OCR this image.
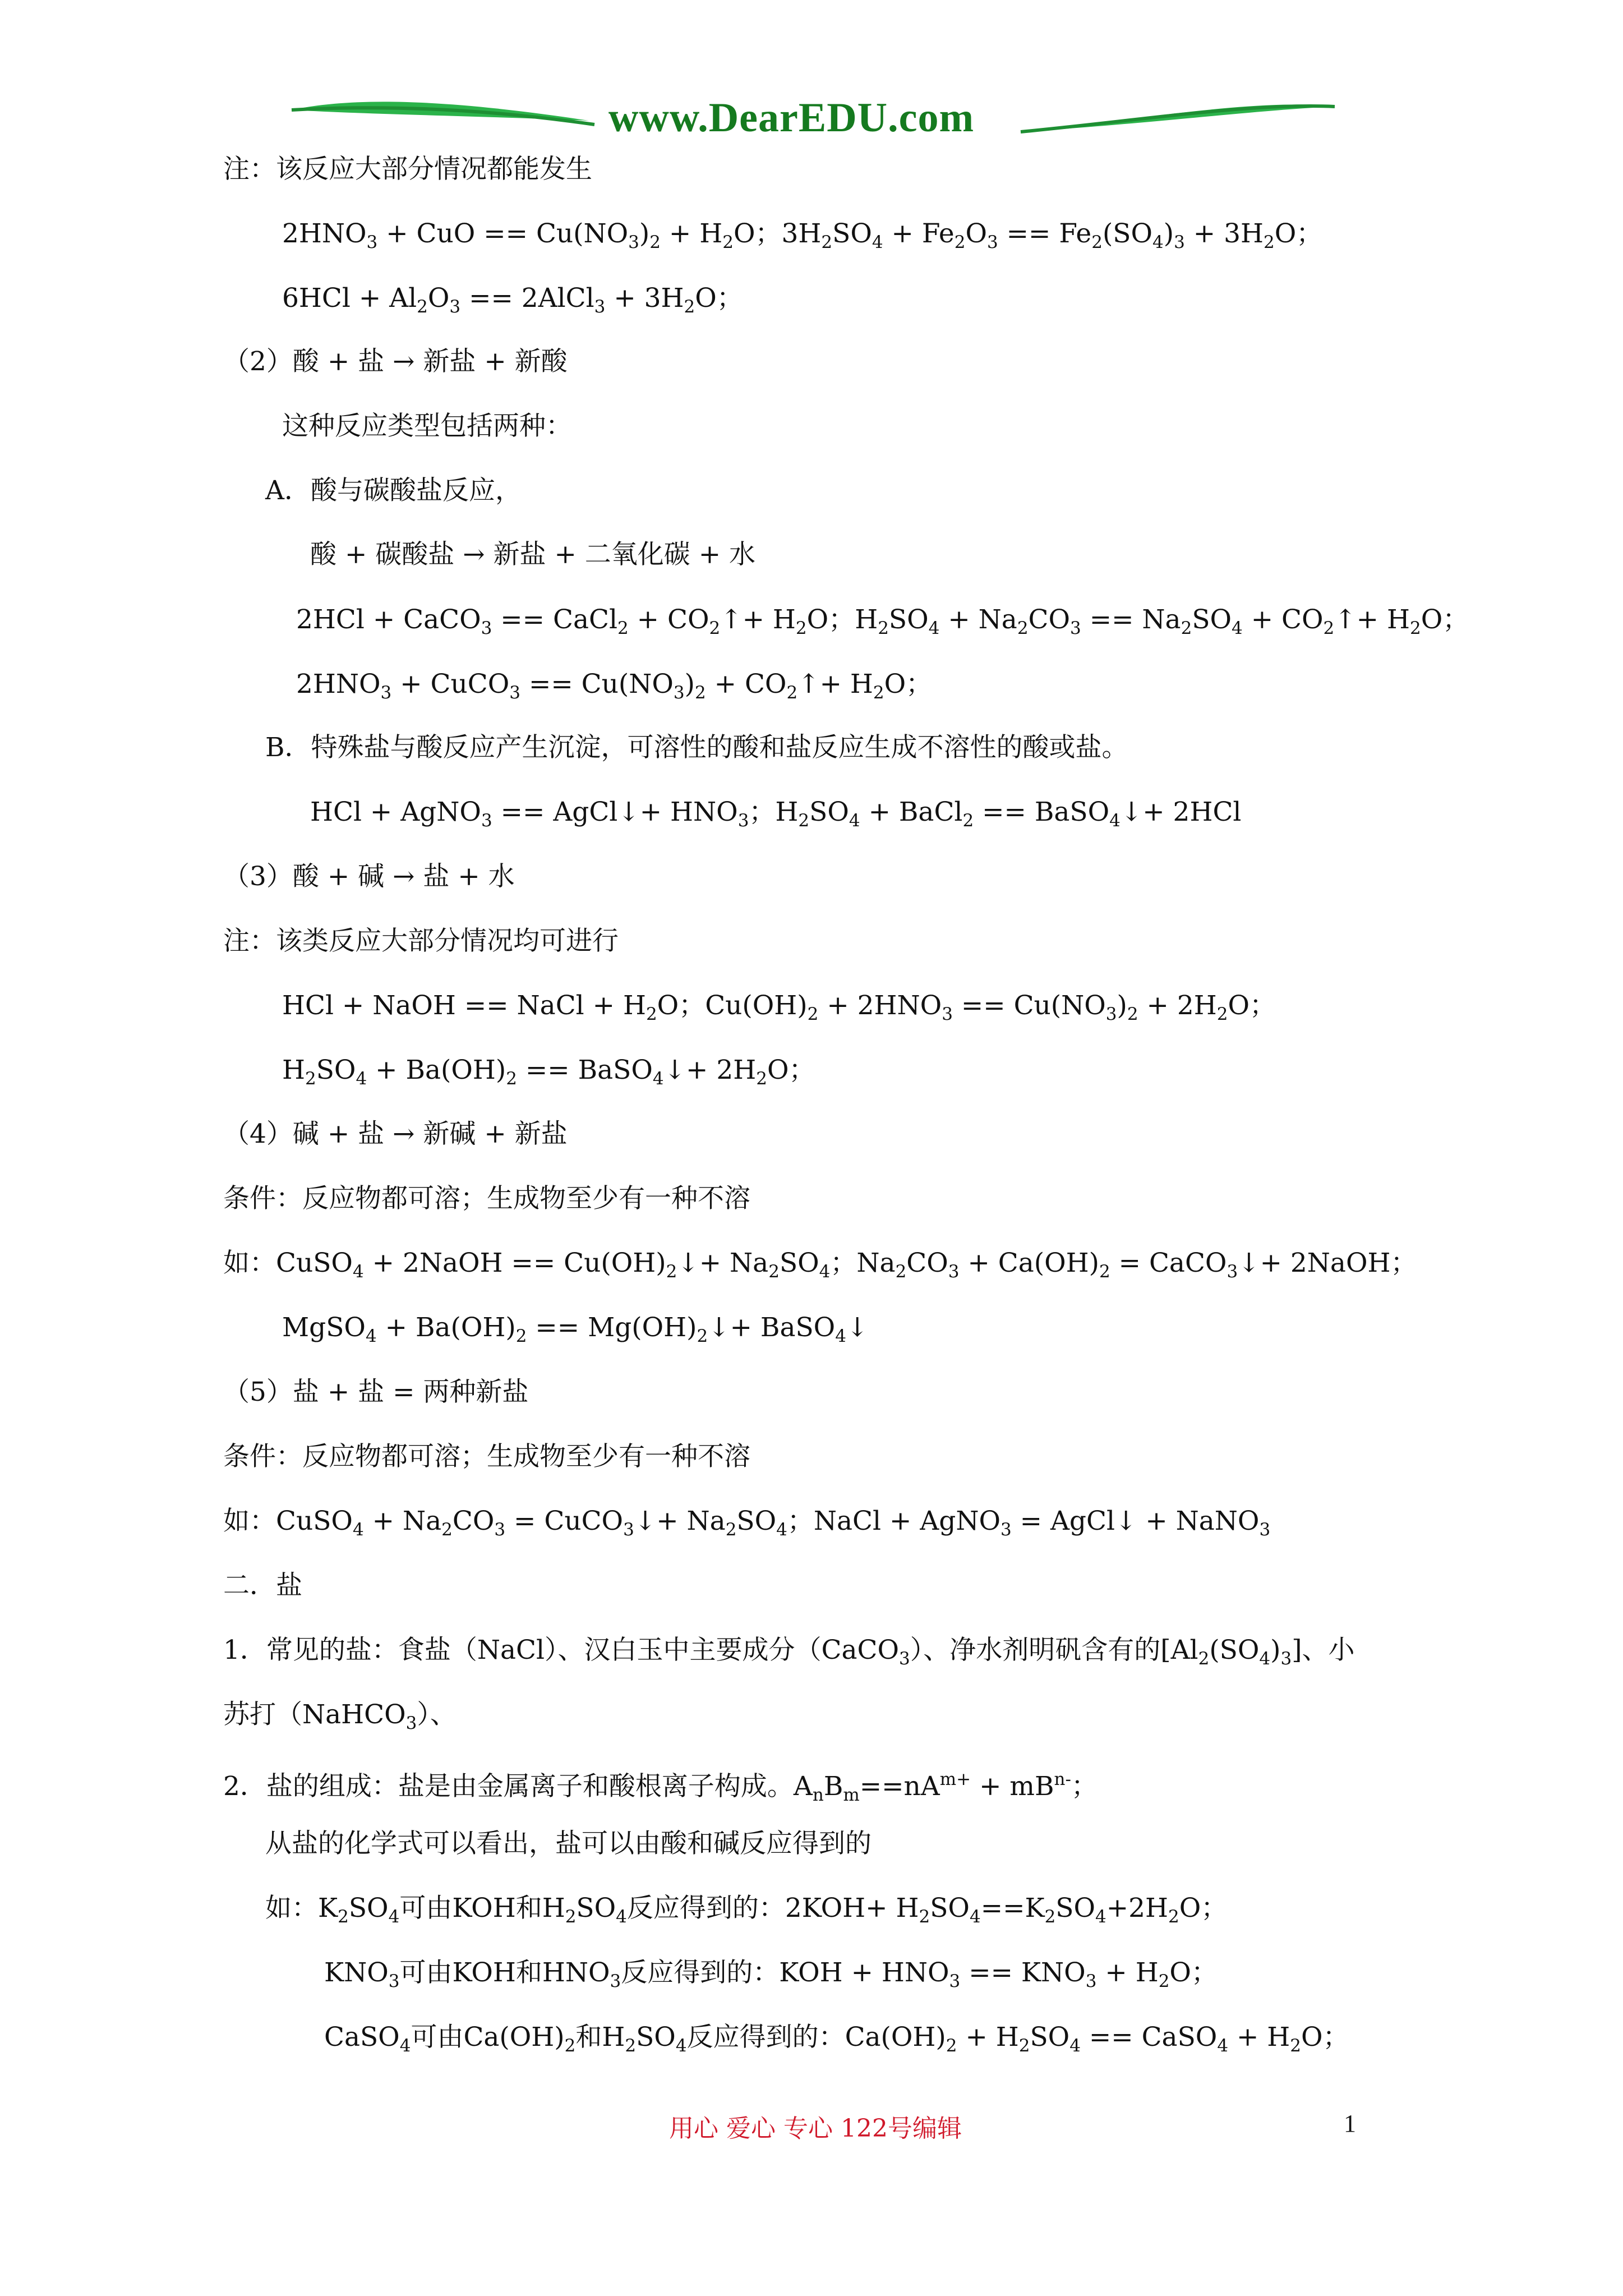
www.DearEDU.com
注：该反应大部分情况都能发生
$2HNO_3$ + CuO == $Cu(NO_3)_2 + H_2O$；$3H_2SO_4 + Fe_2O_3 == Fe_2(SO_4)_3 + 3H_2O$；
$6HCl + Al_2O_3$ == 2AlCl$_3$ + $3H_2O$；
（2）酸 + 盐 → 新盐 + 新酸
这种反应类型包括两种：
A．酸与碳酸盐反应，
酸 + 碳酸盐 → 新盐 + 二氧化碳 + 水
2HCl + CaCO$_3$ == CaCl$_2$ + $CO_2↑+ H_2O$；$H_2SO_4 + Na_2CO_3 == Na_2SO_4$ + $CO_2↑+ H_2O$；
$2HNO_3$ + CuCO$_3$ == $Cu(NO_3)_2$ + $CO_2↑+ H_2O$；
B．特殊盐与酸反应产生沉淀，可溶性的酸和盐反应生成不溶性的酸或盐。
HCl + AgNO$_3$ == AgCl↓+ $HNO_3$；$H_2SO_4$ + BaCl$_2$ == BaSO$_4$↓+ 2HCl
（3）酸 + 碱 → 盐 + 水
注：该类反应大部分情况均可进行
HCl + NaOH == NaCl + $H_2O$；$Cu(OH)_2 + 2HNO_3 == Cu(NO_3)_2 + 2H_2O$；
$H_2SO_4 + Ba(OH)_2$ == BaSO$_4$↓+ $2H_2O$；
（4）碱 + 盐 → 新碱 + 新盐
条件：反应物都可溶；生成物至少有一种不溶
如：CuSO$_4$ + 2NaOH == $Cu(OH)_2↓+ Na_2SO_4$；$Na_2CO_3 + Ca(OH)_2$ = CaCO$_3$↓+ 2NaOH；
MgSO$_4$ + $Ba(OH)_2$ == $Mg(OH)_2↓+$ BaSO$_4$↓
（5）盐 + 盐 = 两种新盐
条件：反应物都可溶；生成物至少有一种不溶
如：CuSO$_4$ + $Na_2CO_3$ = CuCO$_3$↓+ $Na_2SO_4$；NaCl + AgNO$_3$ = AgCl↓ + NaNO$_3$
二．盐
1．常见的盐：食盐（NaCl）、汉白玉中主要成分（CaCO$_3$）、净水剂明矾含有的$[Al_2(SO_4)_3]$、小
苏打（NaHCO$_3$）、
2．盐的组成：盐是由金属离子和酸根离子构成。$A_nB_m==nA^{m+} + mB^{n-}$；
从盐的化学式可以看出，盐可以由酸和碱反应得到的
如：$K_2SO_4$可由KOH和$H_2SO_4$反应得到的：$2KOH+ H_2SO_4==K_2SO_4+2H_2O$；
$KNO_3$可由KOH和$HNO_3$反应得到的：KOH + $HNO_3 == KNO_3 + H_2O$；
CaSO$_4$可由$Ca(OH)_2$和$H_2SO_4$反应得到的：$Ca(OH)_2 + H_2SO_4$ == CaSO$_4$ + $H_2O$；
用心 爱心 专心 122号编辑	1
